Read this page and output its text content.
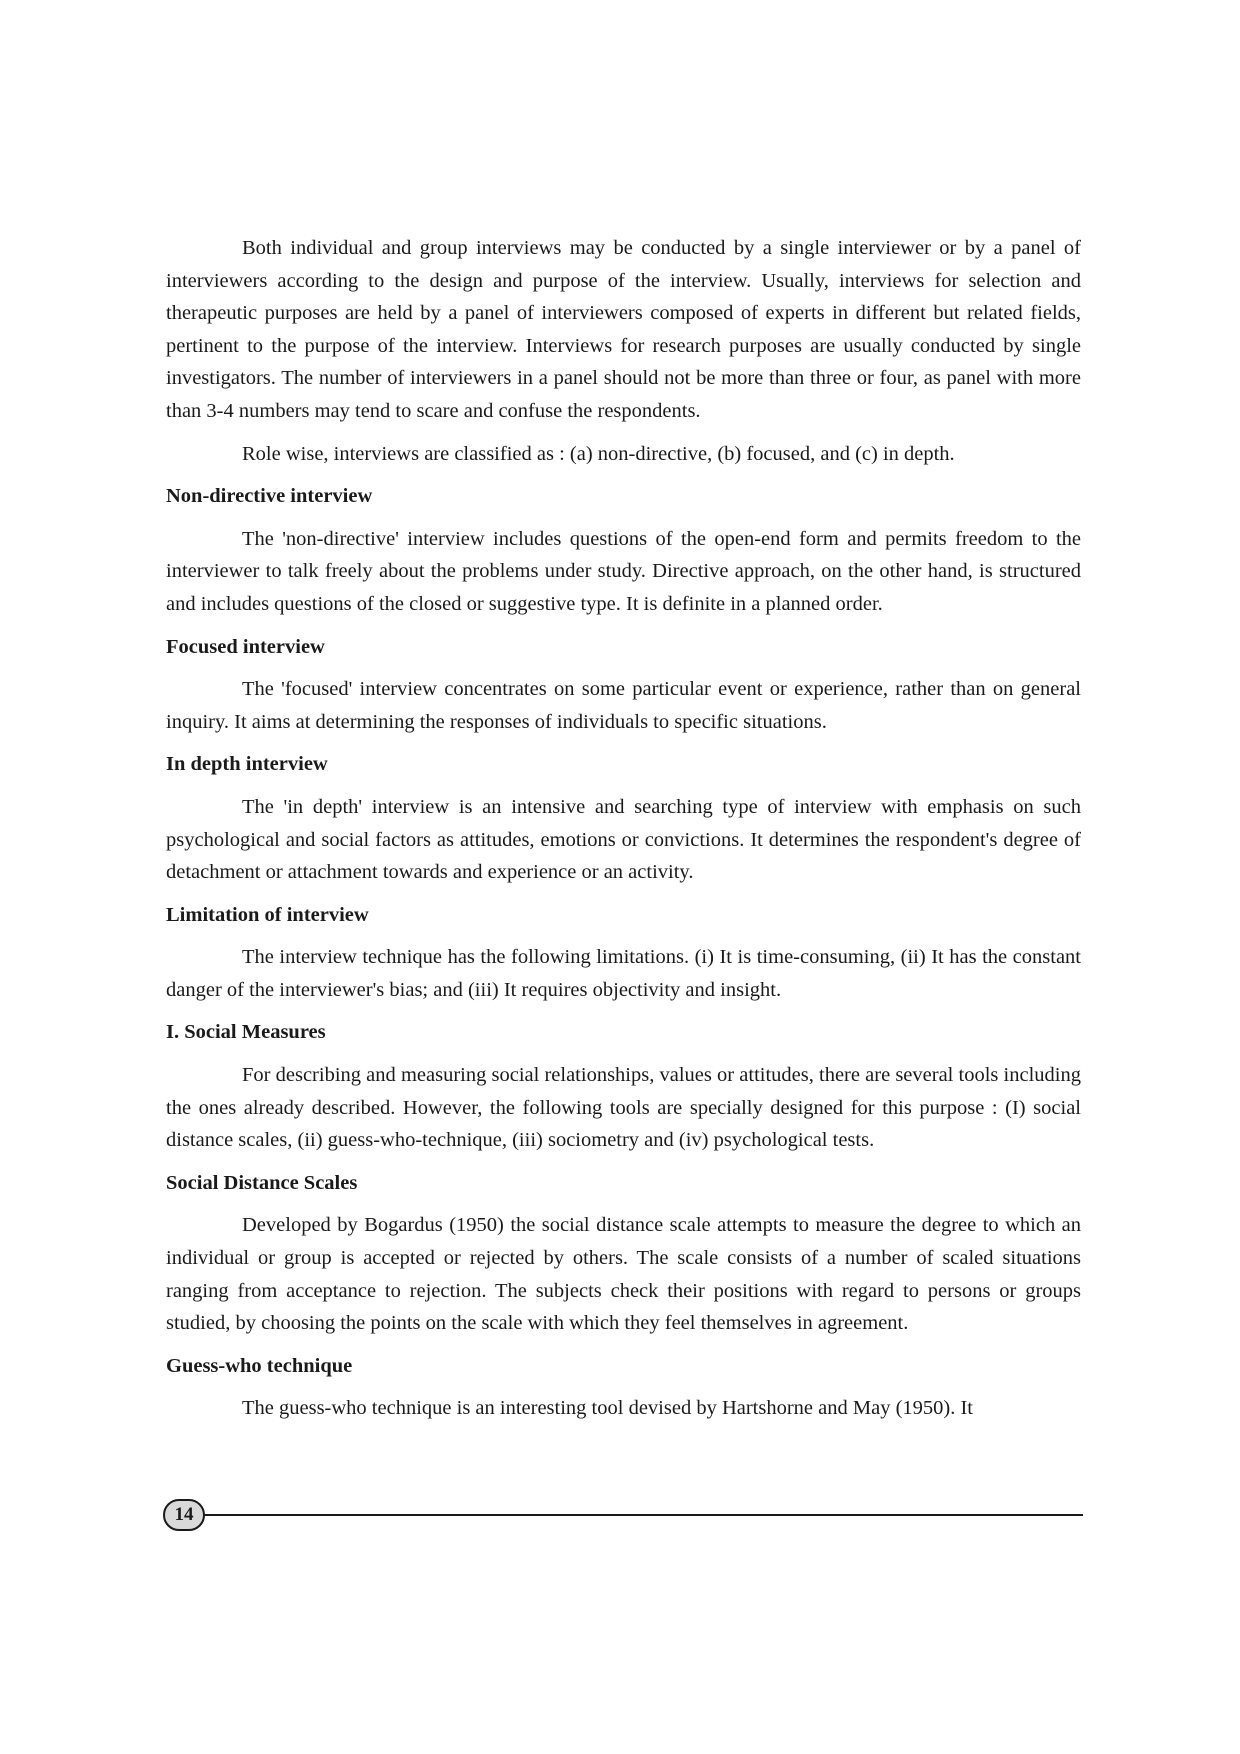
Both individual and group interviews may be conducted by a single interviewer or by a panel of interviewers according to the design and purpose of the interview. Usually, interviews for selection and therapeutic purposes are held by a panel of interviewers composed of experts in different but related fields, pertinent to the purpose of the interview. Interviews for research purposes are usually conducted by single investigators. The number of interviewers in a panel should not be more than three or four, as panel with more than 3-4 numbers may tend to scare and confuse the respondents.

Role wise, interviews are classified as : (a) non-directive, (b) focused, and (c) in depth.

Non-directive interview

The 'non-directive' interview includes questions of the open-end form and permits freedom to the interviewer to talk freely about the problems under study. Directive approach, on the other hand, is structured and includes questions of the closed or suggestive type. It is definite in a planned order.

Focused interview

The 'focused' interview concentrates on some particular event or experience, rather than on general inquiry. It aims at determining the responses of individuals to specific situations.

In depth interview

The 'in depth' interview is an intensive and searching type of interview with emphasis on such psychological and social factors as attitudes, emotions or convictions. It determines the respondent's degree of detachment or attachment towards and experience or an activity.

Limitation of interview

The interview technique has the following limitations. (i) It is time-consuming, (ii) It has the constant danger of the interviewer's bias; and (iii) It requires objectivity and insight.

I. Social Measures

For describing and measuring social relationships, values or attitudes, there are several tools including the ones already described. However, the following tools are specially designed for this purpose : (I) social distance scales, (ii) guess-who-technique, (iii) sociometry and (iv) psychological tests.

Social Distance Scales

Developed by Bogardus (1950) the social distance scale attempts to measure the degree to which an individual or group is accepted or rejected by others. The scale consists of a number of scaled situations ranging from acceptance to rejection. The subjects check their positions with regard to persons or groups studied, by choosing the points on the scale with which they feel themselves in agreement.

Guess-who technique

The guess-who technique is an interesting tool devised by Hartshorne and May (1950). It

14
